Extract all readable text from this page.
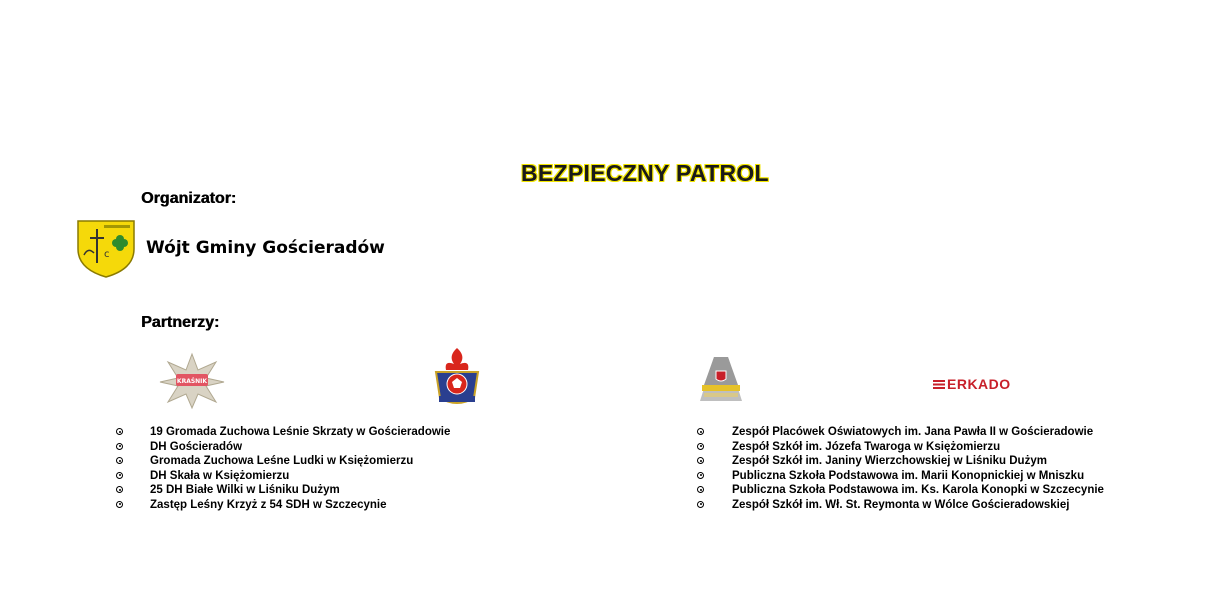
BEZPIECZNY PATROL
Organizator:
c Wójt Gminy Gościeradów
Partnerzy:
KRAŚNIK	ERKADO
19 Gromada Zuchowa Leśnie Skrzaty w Gościeradowie
DH Gościeradów
Gromada Zuchowa Leśne Ludki w Księżomierzu
DH Skała w Księżomierzu
25 DH Białe Wilki w Liśniku Dużym
Zastęp Leśny Krzyż z 54 SDH w Szczecynie
Zespół Placówek Oświatowych im. Jana Pawła II w Gościeradowie
Zespół Szkół im. Józefa Twaroga w Księżomierzu
Zespół Szkół im. Janiny Wierzchowskiej w Liśniku Dużym
Publiczna Szkoła Podstawowa im. Marii Konopnickiej w Mniszku
Publiczna Szkoła Podstawowa im. Ks. Karola Konopki w Szczecynie
Zespół Szkół im. Wł. St. Reymonta w Wólce Gościeradowskiej
